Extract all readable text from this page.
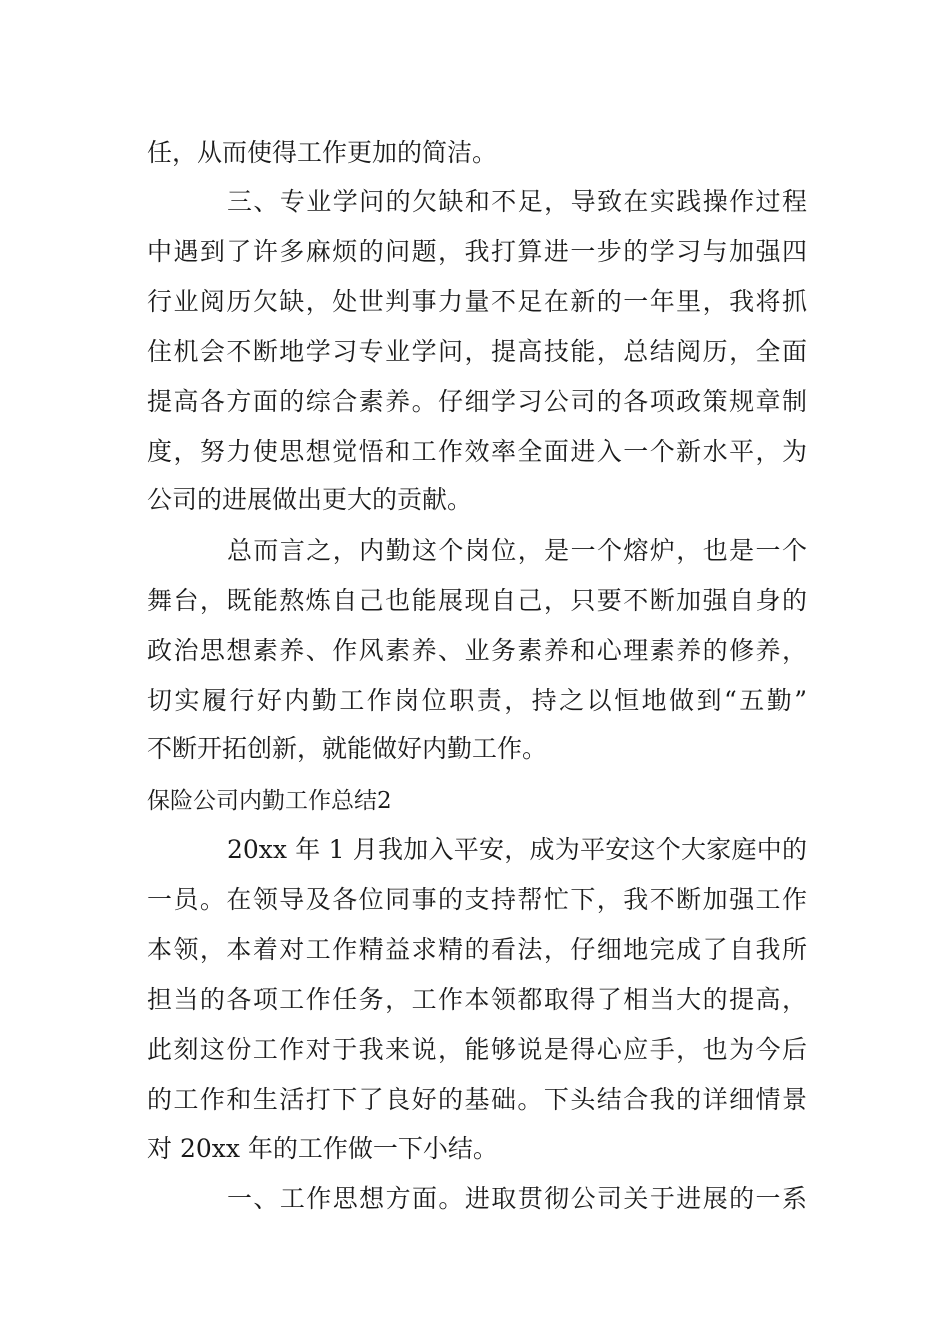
任，从而使得工作更加的简洁。
三、专业学问的欠缺和不足，导致在实践操作过程
中遇到了许多麻烦的问题，我打算进一步的学习与加强四
行业阅历欠缺，处世判事力量不足在新的一年里，我将抓
住机会不断地学习专业学问，提高技能，总结阅历，全面
提高各方面的综合素养。仔细学习公司的各项政策规章制
度，努力使思想觉悟和工作效率全面进入一个新水平，为
公司的进展做出更大的贡献。
总而言之，内勤这个岗位，是一个熔炉，也是一个
舞台，既能熬炼自己也能展现自己，只要不断加强自身的
政治思想素养、作风素养、业务素养和心理素养的修养，
切实履行好内勤工作岗位职责，持之以恒地做到“五勤”
不断开拓创新，就能做好内勤工作。
保险公司内勤工作总结2
20xx 年 1 月我加入平安，成为平安这个大家庭中的
一员。在领导及各位同事的支持帮忙下，我不断加强工作
本领，本着对工作精益求精的看法，仔细地完成了自我所
担当的各项工作任务，工作本领都取得了相当大的提高，
此刻这份工作对于我来说，能够说是得心应手，也为今后
的工作和生活打下了良好的基础。下头结合我的详细情景
对 20xx 年的工作做一下小结。
一、工作思想方面。进取贯彻公司关于进展的一系
